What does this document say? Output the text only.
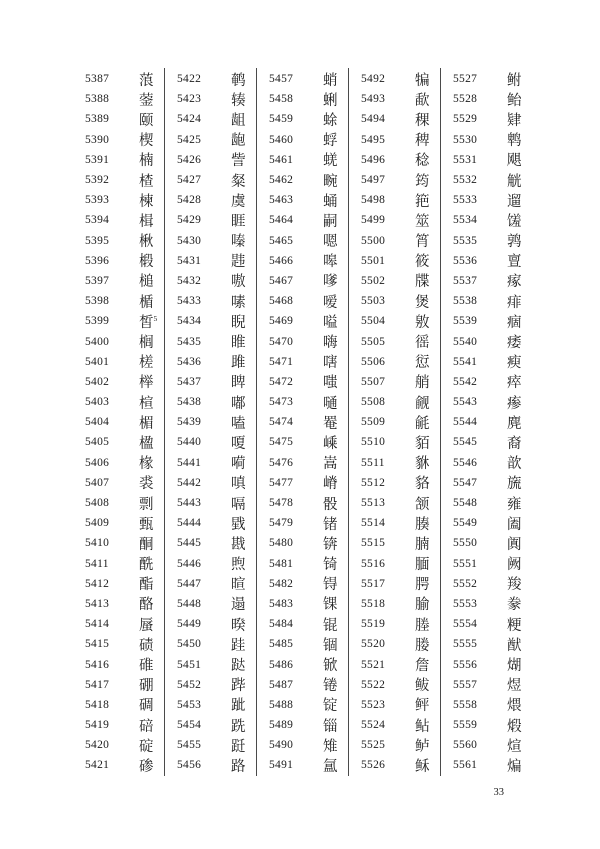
5387	蒗
5388	蓥
5389	颐
5390	楔
5391	楠
5392	楂
5393	楝
5394	楫
5395	楸
5396	椴
5397	槌
5398	楯
5399	皙$^5$
5400	榈
5401	槎
5402	榉
5403	楦
5404	楣
5405	楹
5406	椽
5407	裘
5408	剽
5409	甄
5410	酮
5411	酰
5412	酯
5413	酪
5414	蜃
5415	碛
5416	碓
5417	硼
5418	碉
5419	碚
5420	碇
5421	碜
5422	鹌
5423	辏
5424	龃
5425	龅
5426	訾
5427	粲
5428	虞
5429	睚
5430	嗪
5431	韪
5432	嗷
5433	嗉
5434	睨
5435	睢
5436	雎
5437	睥
5438	嘟
5439	嗑
5440	嗄
5441	嗬
5442	嗔
5443	嗝
5444	戥
5445	戡
5446	煦
5447	暄
5448	遢
5449	暌
5450	跬
5451	跶
5452	跸
5453	跐
5454	跣
5455	跹
5456	路
5457	蛸
5458	蜊
5459	蜍
5460	蜉
5461	蜣
5462	畹
5463	蛹
5464	嗣
5465	嗯
5466	嗥
5467	嗲
5468	嗳
5469	嗌
5470	嗨
5471	嗐
5472	嗤
5473	嗵
5474	罨
5475	嵊
5476	嵩
5477	嵴
5478	骰
5479	锗
5480	锛
5481	锜
5482	锝
5483	锞
5484	锟
5485	锢
5486	锨
5487	锩
5488	锭
5489	锱
5490	雉
5491	氲
5492	犏
5493	歃
5494	稞
5495	稗
5496	稔
5497	筠
5498	筢
5499	筮
5500	筲
5501	筱
5502	牒
5503	煲
5504	敫
5505	徭
5506	愆
5507	艄
5508	觎
5509	毹
5510	貊
5511	貅
5512	貉
5513	颔
5514	腠
5515	腩
5516	腼
5517	腭
5518	腧
5519	塍
5520	媵
5521	詹
5522	鲅
5523	鲆
5524	鲇
5525	鲈
5526	稣
5527	鲋
5528	鲐
5529	肄
5530	鹎
5531	飓
5532	觥
5533	遛
5534	馐
5535	鹑
5536	亶
5537	瘃
5538	痱
5539	痼
5540	痿
5541	瘐
5542	瘁
5543	瘆
5544	麂
5545	裔
5546	歆
5547	旒
5548	雍
5549	阖
5550	阗
5551	阙
5552	羧
5553	豢
5554	粳
5555	猷
5556	煳
5557	煜
5558	煨
5559	煅
5560	煊
5561	煸
33
